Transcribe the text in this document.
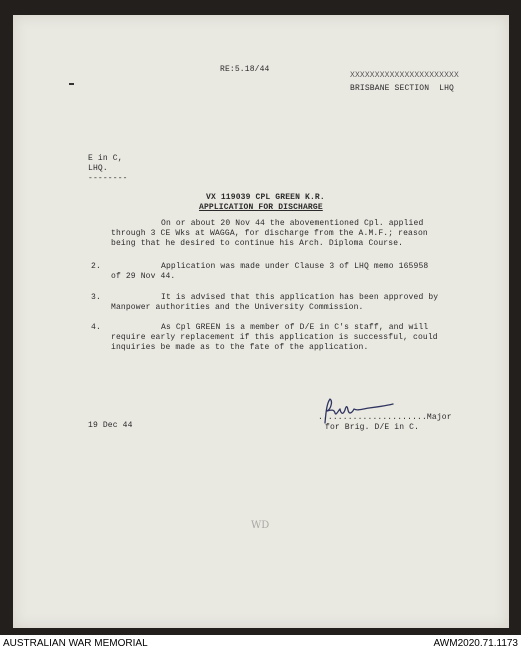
RE:5.18/44
XXXXXXXXXXXXXXXXXXXXXX
BRISBANE SECTION  LHQ
E in C,
LHQ.
--------
VX 119039 CPL GREEN K.R.
APPLICATION FOR DISCHARGE
On or about 20 Nov 44 the abovementioned Cpl. applied
through 3 CE Wks at WAGGA, for discharge from the A.M.F.; reason
being that he desired to continue his Arch. Diploma Course.
2.	Application was made under Clause 3 of LHQ memo 165958
of 29 Nov 44.
3.	It is advised that this application has been approved by
Manpower authorities and the University Commission.
4.	As Cpl GREEN is a member of D/E in C's staff, and will
require early replacement if this application is successful, could
inquiries be made as to the fate of the application.
......................Major
19 Dec 44	for Brig. D/E in C.
WD
AUSTRALIAN WAR MEMORIAL	AWM2020.71.1173
